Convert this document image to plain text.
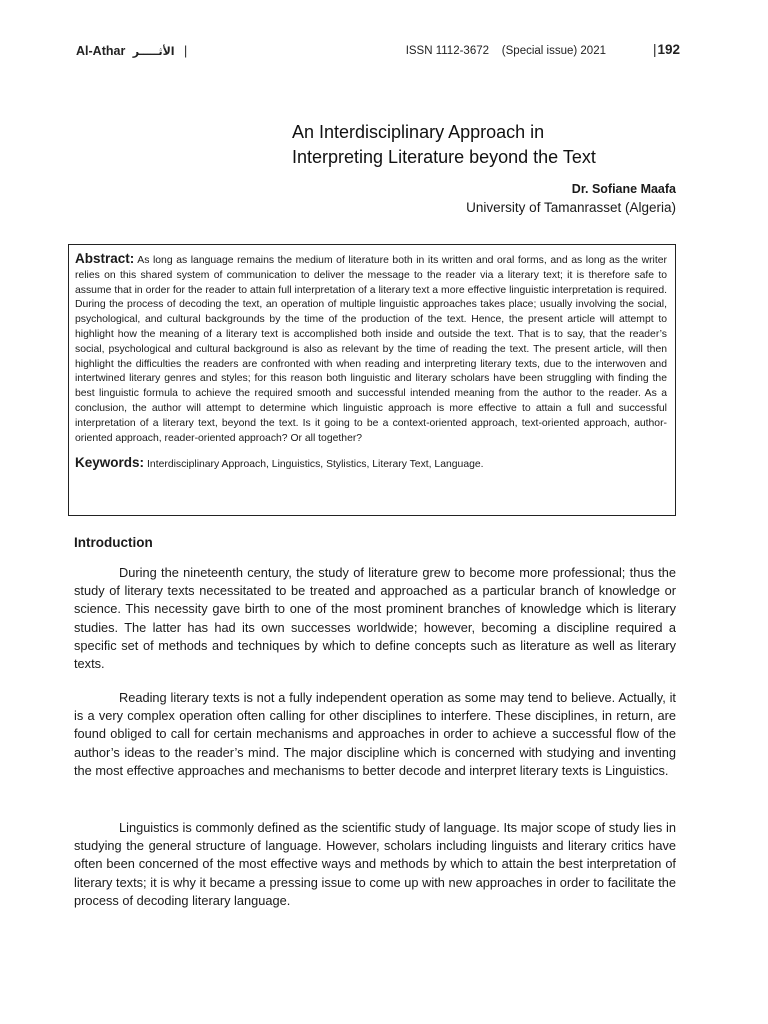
Al-Athar الأثـــــر |	ISSN 1112-3672 (Special issue) 2021	|192
An Interdisciplinary Approach in
Interpreting Literature beyond the Text
Dr. Sofiane Maafa
University of Tamanrasset (Algeria)

Abstract: As long as language remains the medium of literature both in its written and oral forms, and as long as the writer relies on this shared system of communication to deliver the message to the reader via a literary text; it is therefore safe to assume that in order for the reader to attain full interpretation of a literary text a more effective linguistic interpretation is required. During the process of decoding the text, an operation of multiple linguistic approaches takes place; usually involving the social, psychological, and cultural backgrounds by the time of the production of the text. Hence, the present article will attempt to highlight how the meaning of a literary text is accomplished both inside and outside the text. That is to say, that the reader’s social, psychological and cultural background is also as relevant by the time of reading the text. The present article, will then highlight the difficulties the readers are confronted with when reading and interpreting literary texts, due to the interwoven and intertwined literary genres and styles; for this reason both linguistic and literary scholars have been struggling with finding the best linguistic formula to achieve the required smooth and successful intended meaning from the author to the reader. As a conclusion, the author will attempt to determine which linguistic approach is more effective to attain a full and successful interpretation of a literary text, beyond the text. Is it going to be a context-oriented approach, text-oriented approach, author-oriented approach, reader-oriented approach? Or all together?

Keywords: Interdisciplinary Approach, Linguistics, Stylistics, Literary Text, Language.

Introduction

During the nineteenth century, the study of literature grew to become more professional; thus the study of literary texts necessitated to be treated and approached as a particular branch of knowledge or science. This necessity gave birth to one of the most prominent branches of knowledge which is literary studies. The latter has had its own successes worldwide; however, becoming a discipline required a specific set of methods and techniques by which to define concepts such as literature as well as literary texts.

Reading literary texts is not a fully independent operation as some may tend to believe. Actually, it is a very complex operation often calling for other disciplines to interfere. These disciplines, in return, are found obliged to call for certain mechanisms and approaches in order to achieve a successful flow of the author’s ideas to the reader’s mind. The major discipline which is concerned with studying and inventing the most effective approaches and mechanisms to better decode and interpret literary texts is Linguistics.

Linguistics is commonly defined as the scientific study of language. Its major scope of study lies in studying the general structure of language. However, scholars including linguists and literary critics have often been concerned of the most effective ways and methods by which to attain the best interpretation of literary texts; it is why it became a pressing issue to come up with new approaches in order to facilitate the process of decoding literary language.
